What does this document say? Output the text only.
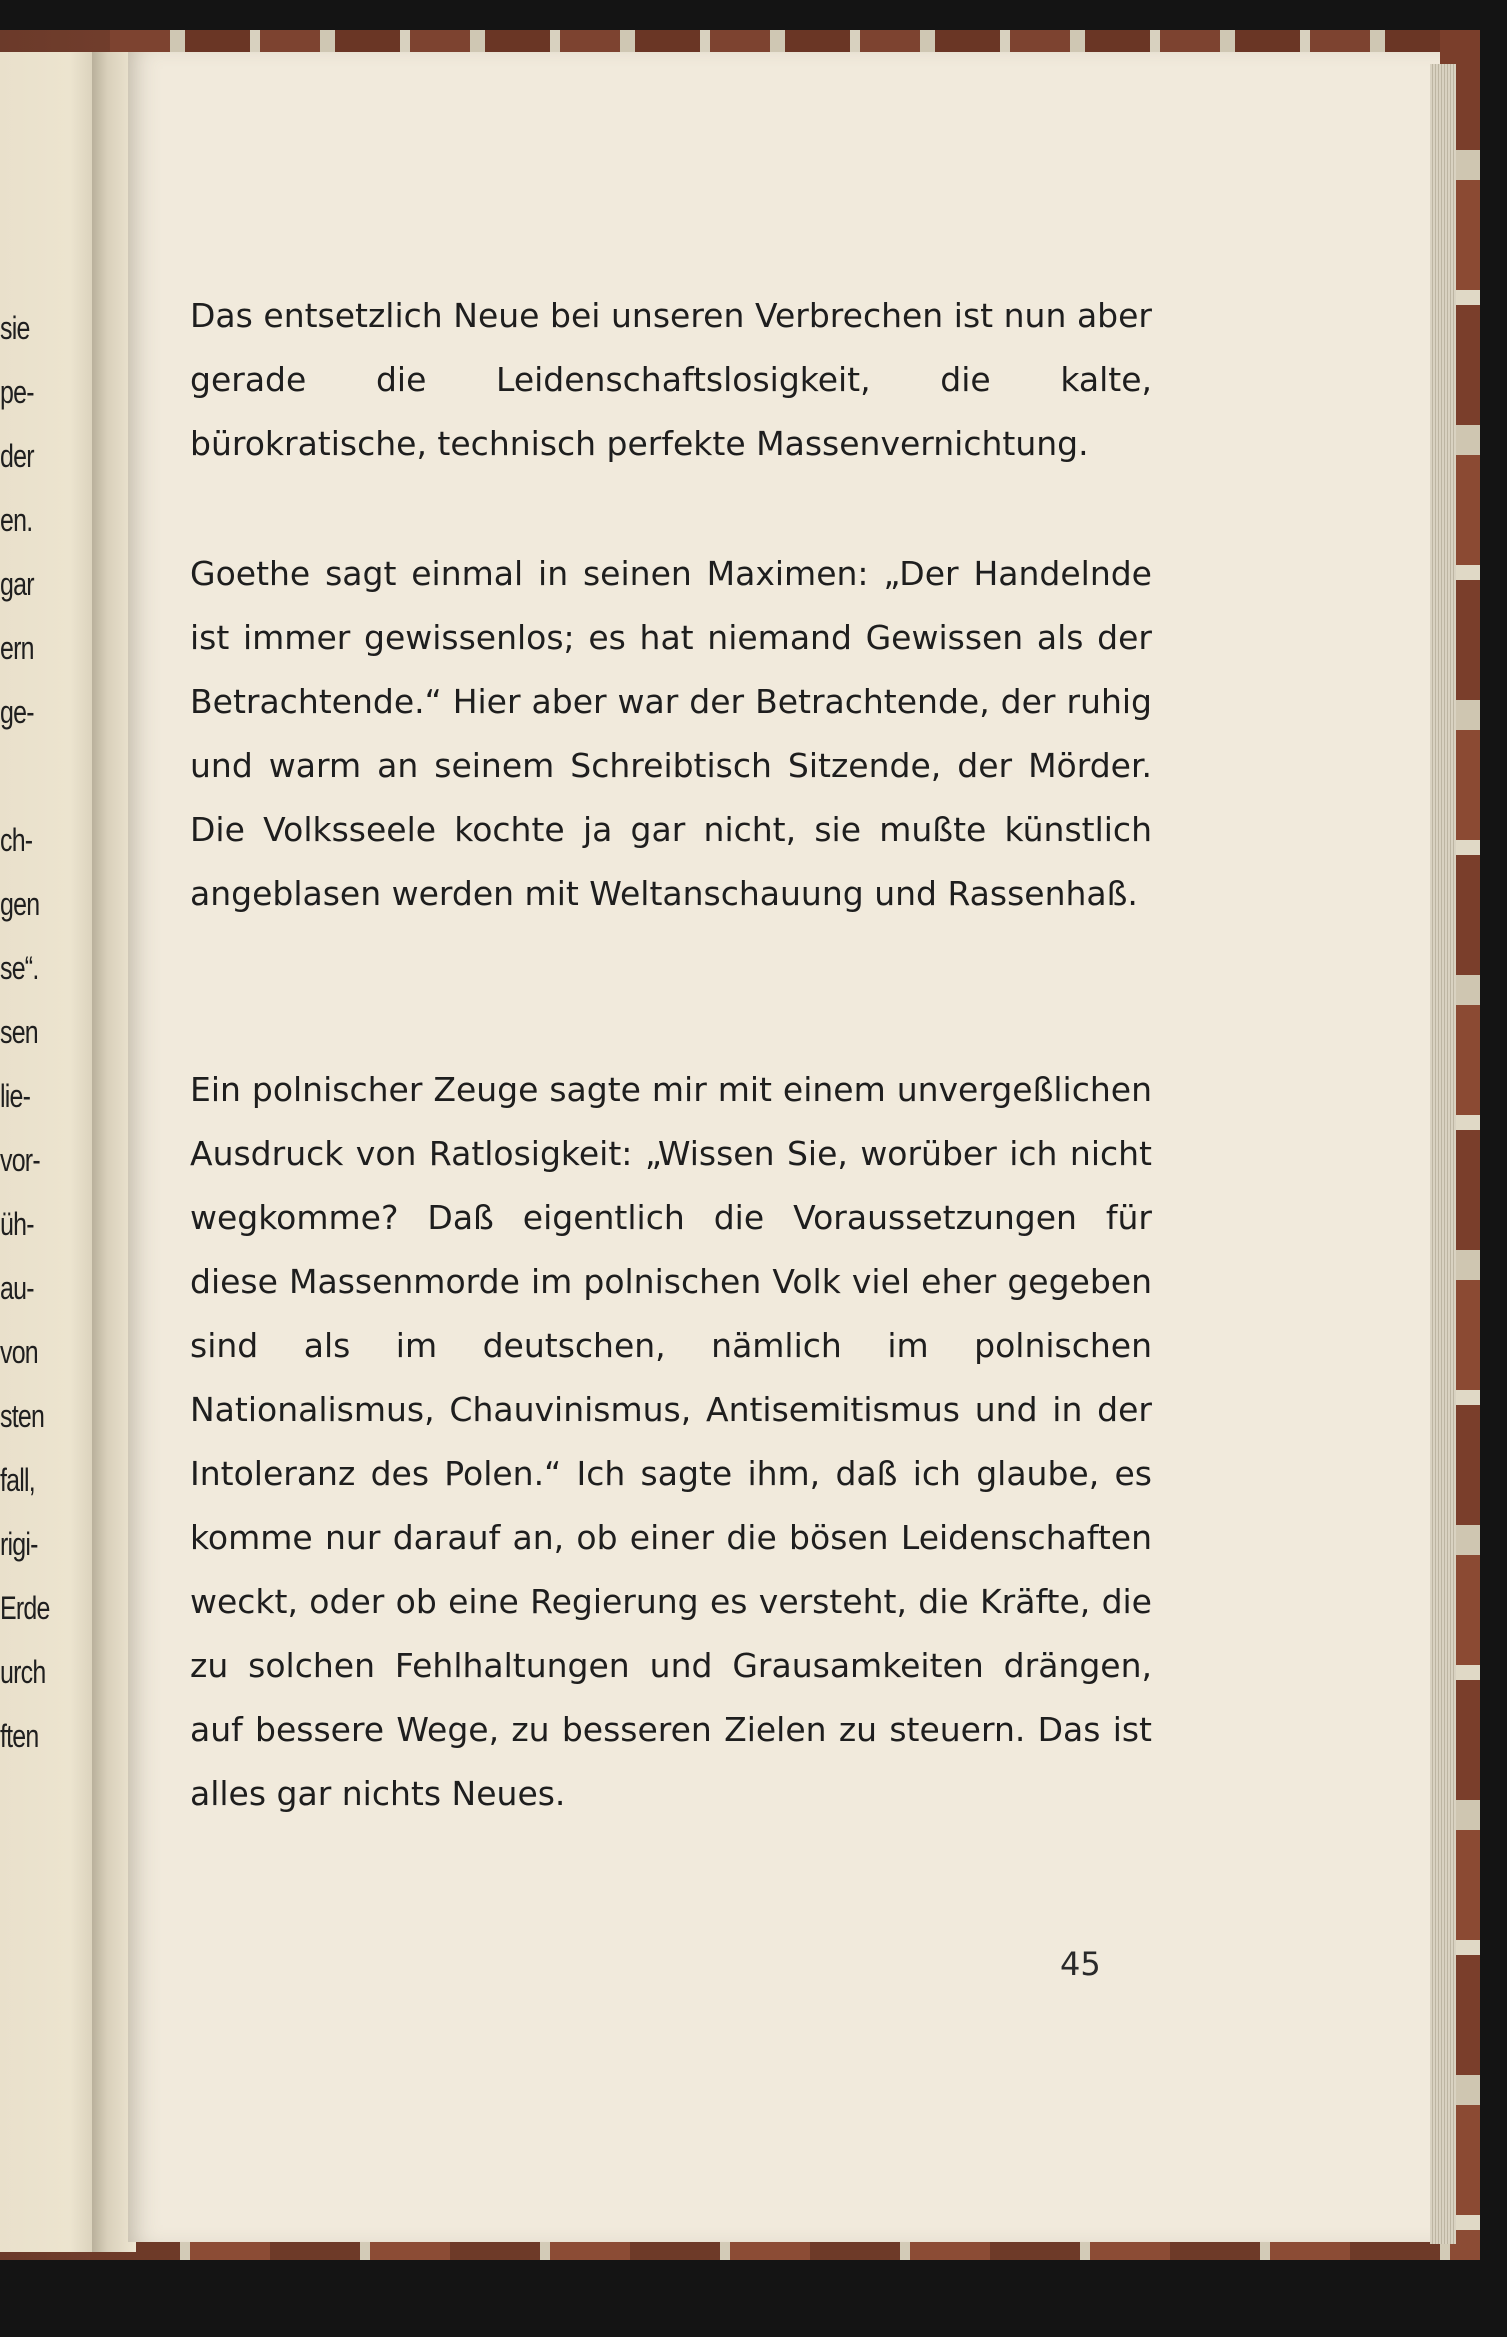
sie
pe-
der
en.
gar
ern
ge-
ch-
gen
se“.
sen
lie-
vor-
üh-
au-
von
sten
fall,
rigi-
Erde
urch
ften

Das entsetzlich Neue bei unseren Verbrechen ist nun aber gerade die Leidenschaftslosigkeit, die kalte, bürokratische, technisch perfekte Massenvernichtung.

Goethe sagt einmal in seinen Maximen: „Der Handelnde ist immer gewissenlos; es hat niemand Gewissen als der Betrachtende.“ Hier aber war der Betrachtende, der ruhig und warm an seinem Schreibtisch Sitzende, der Mörder. Die Volksseele kochte ja gar nicht, sie mußte künstlich angeblasen werden mit Weltanschauung und Rassenhaß.

Ein polnischer Zeuge sagte mir mit einem unvergeßlichen Ausdruck von Ratlosigkeit: „Wissen Sie, worüber ich nicht wegkomme? Daß eigentlich die Voraussetzungen für diese Massenmorde im polnischen Volk viel eher gegeben sind als im deutschen, nämlich im polnischen Nationalismus, Chauvinismus, Antisemitismus und in der Intoleranz des Polen.“ Ich sagte ihm, daß ich glaube, es komme nur darauf an, ob einer die bösen Leidenschaften weckt, oder ob eine Regierung es versteht, die Kräfte, die zu solchen Fehlhaltungen und Grausamkeiten drängen, auf bessere Wege, zu besseren Zielen zu steuern. Das ist alles gar nichts Neues.

45
